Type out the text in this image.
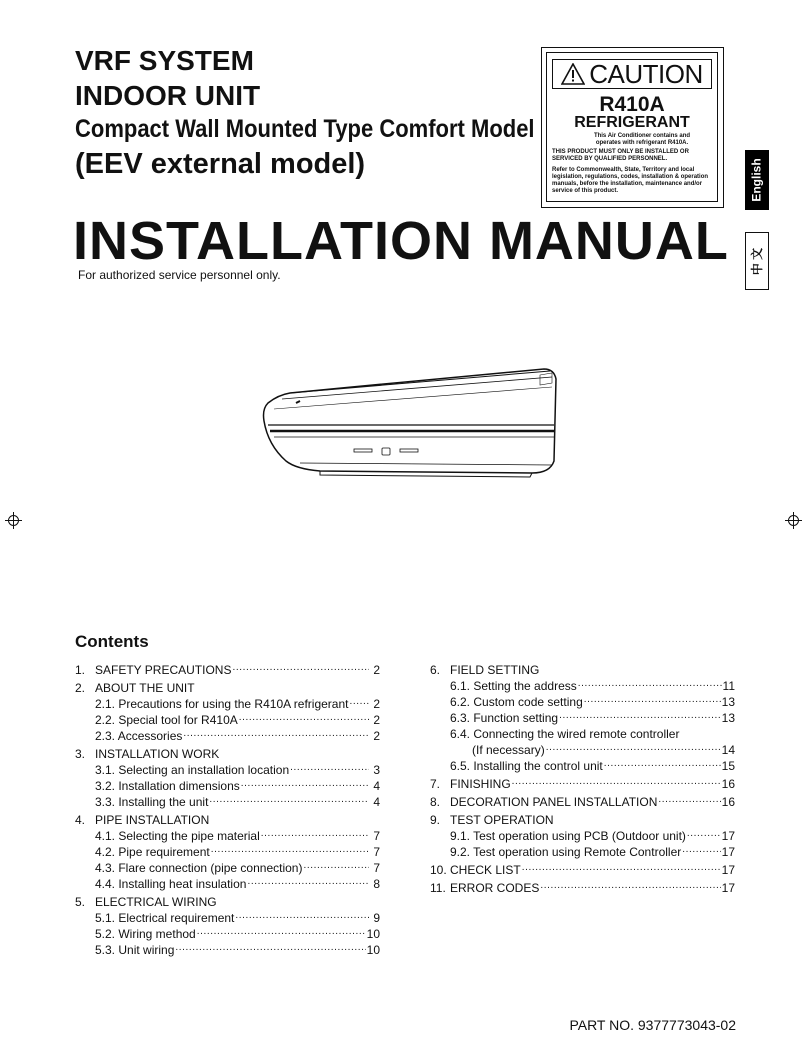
VRF SYSTEM
INDOOR UNIT
Compact Wall Mounted Type Comfort Model
(EEV external model)
CAUTION
R410A
REFRIGERANT
This Air Conditioner contains and operates with refrigerant R410A.
THIS PRODUCT MUST ONLY BE INSTALLED OR SERVICED BY QUALIFIED PERSONNEL.
Refer to Commonwealth, State, Territory and local legislation, regulations, codes, installation & operation manuals, before the installation, maintenance and/or service of this product.	English
中 文
INSTALLATION MANUAL
For authorized service personnel only.
Contents
1. SAFETY PRECAUTIONS .....	2
2. ABOUT THE UNIT
2.1. Precautions for using the R410A refrigerant ..... 2
2.2. Special tool for R410A .....	2
2.3. Accessories .....	2
3. INSTALLATION WORK
3.1. Selecting an installation location .....	3
3.2. Installation dimensions .....	4
3.3. Installing the unit .....	4
4. PIPE INSTALLATION
4.1. Selecting the pipe material .....	7
4.2. Pipe requirement .....	7
4.3. Flare connection (pipe connection) .....	7
4.4. Installing heat insulation .....	8
5. ELECTRICAL WIRING
5.1. Electrical requirement .....	9
5.2. Wiring method .....	10
5.3. Unit wiring .....	10
6. FIELD SETTING
6.1. Setting the address .....	11
6.2. Custom code setting .....	13
6.3. Function setting .....	13
6.4. Connecting the wired remote controller
(If necessary) .....	14
6.5. Installing the control unit .....	15
7. FINISHING .....	16
8. DECORATION PANEL INSTALLATION .....	16
9. TEST OPERATION
9.1. Test operation using PCB (Outdoor unit) .....	17
9.2. Test operation using Remote Controller .....	17
10. CHECK LIST .....	17
11. ERROR CODES .....	17
PART NO. 9377773043-02
